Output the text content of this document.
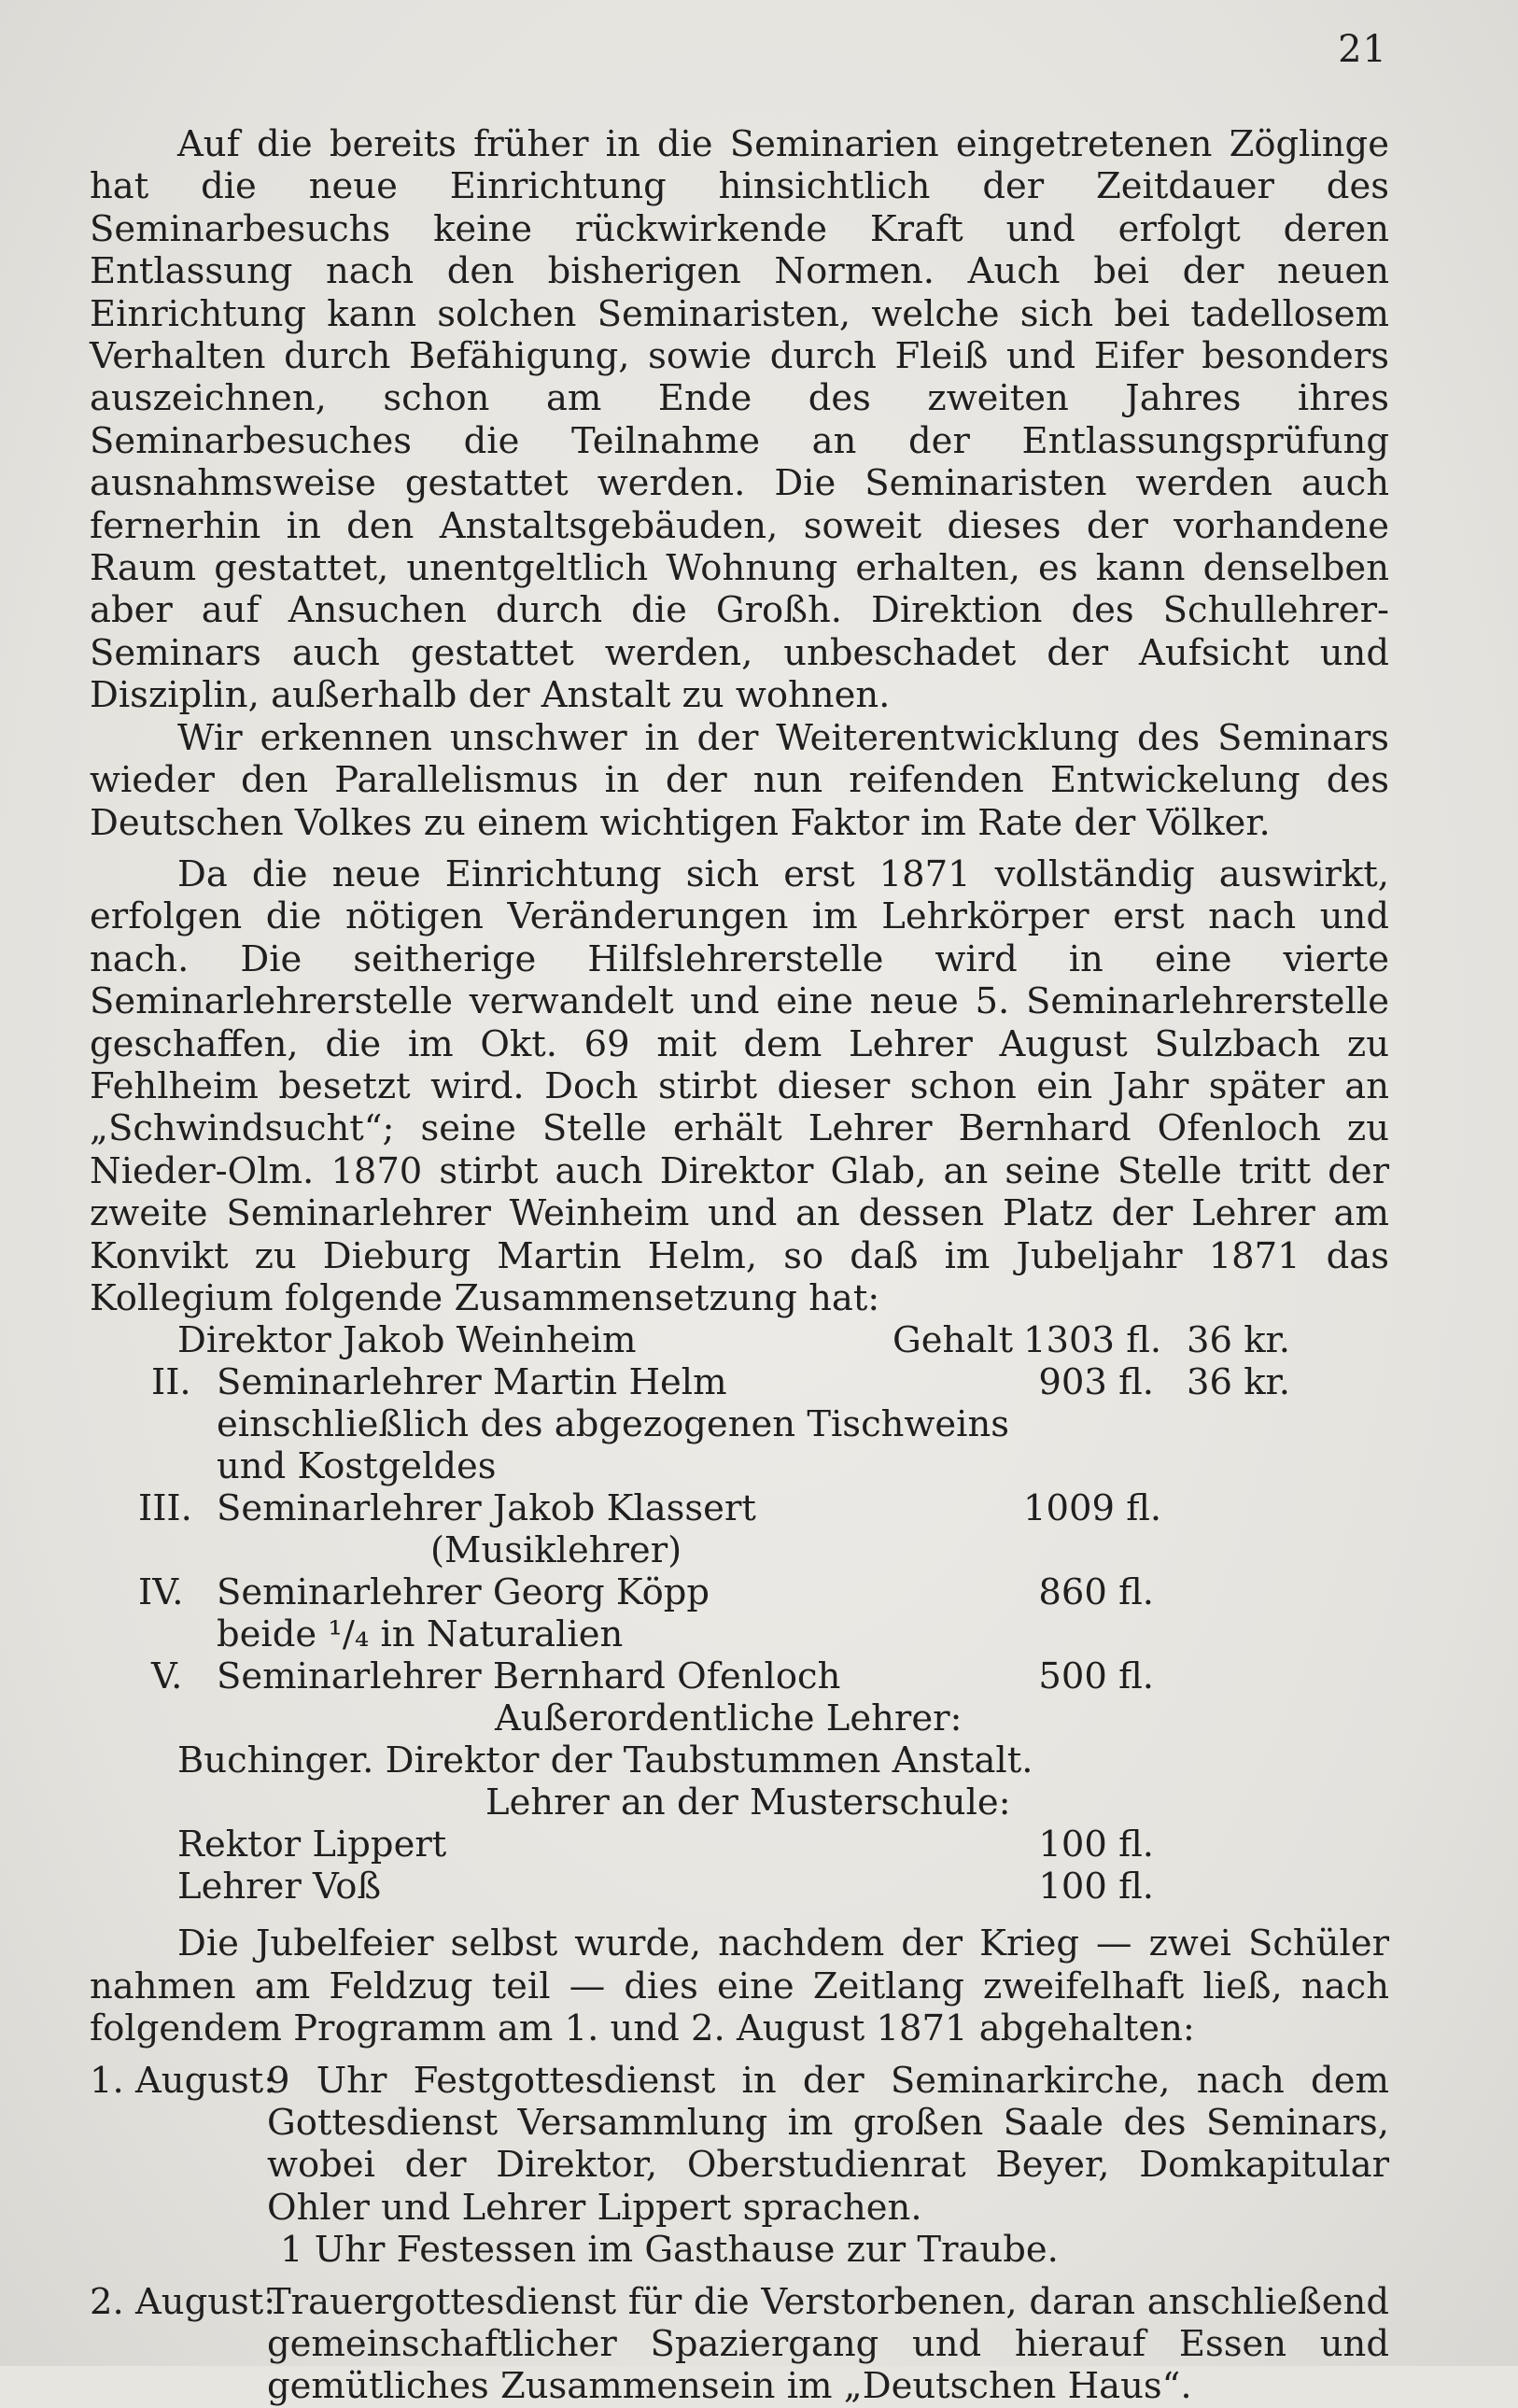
21

Auf die bereits früher in die Seminarien eingetretenen Zöglinge hat die neue Einrichtung hinsichtlich der Zeitdauer des Seminarbesuchs keine rückwirkende Kraft und erfolgt deren Entlassung nach den bisherigen Normen. Auch bei der neuen Einrichtung kann solchen Seminaristen, welche sich bei tadellosem Verhalten durch Befähigung, sowie durch Fleiß und Eifer besonders auszeichnen, schon am Ende des zweiten Jahres ihres Seminarbesuches die Teilnahme an der Entlassungsprüfung ausnahmsweise gestattet werden. Die Seminaristen werden auch fernerhin in den Anstaltsgebäuden, soweit dieses der vorhandene Raum gestattet, unentgeltlich Wohnung erhalten, es kann denselben aber auf Ansuchen durch die Großh. Direktion des Schullehrer-Seminars auch gestattet werden, unbeschadet der Aufsicht und Disziplin, außerhalb der Anstalt zu wohnen.

Wir erkennen unschwer in der Weiterentwicklung des Seminars wieder den Parallelismus in der nun reifenden Entwickelung des Deutschen Volkes zu einem wichtigen Faktor im Rate der Völker.

Da die neue Einrichtung sich erst 1871 vollständig auswirkt, erfolgen die nötigen Veränderungen im Lehrkörper erst nach und nach. Die seitherige Hilfslehrerstelle wird in eine vierte Seminarlehrerstelle verwandelt und eine neue 5. Seminarlehrerstelle geschaffen, die im Okt. 69 mit dem Lehrer August Sulzbach zu Fehlheim besetzt wird. Doch stirbt dieser schon ein Jahr später an „Schwindsucht“; seine Stelle erhält Lehrer Bernhard Ofenloch zu Nieder-Olm. 1870 stirbt auch Direktor Glab, an seine Stelle tritt der zweite Seminarlehrer Weinheim und an dessen Platz der Lehrer am Konvikt zu Dieburg Martin Helm, so daß im Jubeljahr 1871 das Kollegium folgende Zusammensetzung hat:

Direktor Jakob Weinheim	Gehalt 1303 fl. 36 kr.
II. Seminarlehrer Martin Helm	903 fl. 36 kr.
einschließlich des abgezogenen Tischweins
und Kostgeldes
III. Seminarlehrer Jakob Klassert	1009 fl.
(Musiklehrer)
IV. Seminarlehrer Georg Köpp	860 fl.
beide ¹/₄ in Naturalien
V. Seminarlehrer Bernhard Ofenloch	500 fl.
Außerordentliche Lehrer:
Buchinger. Direktor der Taubstummen Anstalt.
Lehrer an der Musterschule:
Rektor Lippert	100 fl.
Lehrer Voß	100 fl.

Die Jubelfeier selbst wurde, nachdem der Krieg — zwei Schüler nahmen am Feldzug teil — dies eine Zeitlang zweifelhaft ließ, nach folgendem Programm am 1. und 2. August 1871 abgehalten:

1. August:
9 Uhr Festgottesdienst in der Seminarkirche, nach dem Gottesdienst Versammlung im großen Saale des Seminars, wobei der Direktor, Oberstudienrat Beyer, Domkapitular Ohler und Lehrer Lippert sprachen.
1 Uhr Festessen im Gasthause zur Traube.
2. August:
Trauergottesdienst für die Verstorbenen, daran anschließend gemeinschaftlicher Spaziergang und hierauf Essen und gemütliches Zusammensein im „Deutschen Haus“.
